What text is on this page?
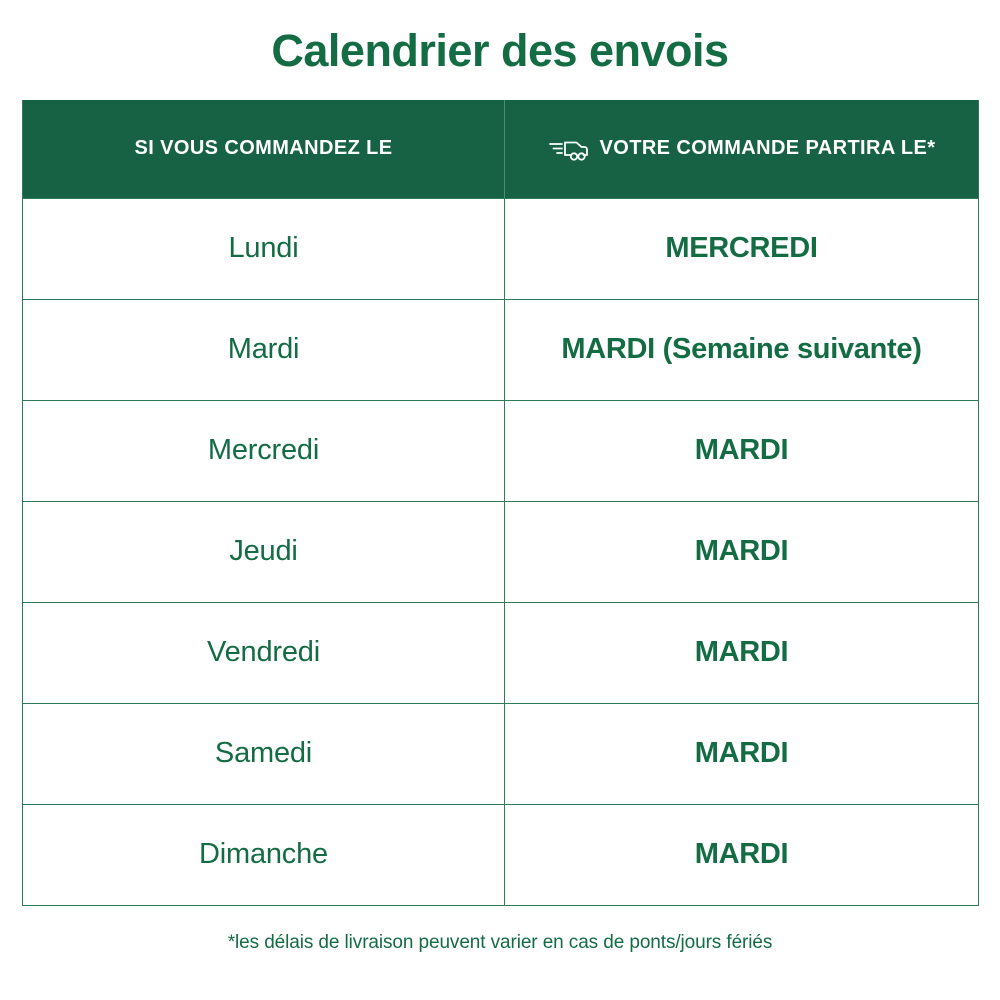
Calendrier des envois
SI VOUS COMMANDEZ LE	VOTRE COMMANDE PARTIRA LE*
Lundi	MERCREDI
Mardi	MARDI (Semaine suivante)
Mercredi	MARDI
Jeudi	MARDI
Vendredi	MARDI
Samedi	MARDI
Dimanche	MARDI
*les délais de livraison peuvent varier en cas de ponts/jours fériés
